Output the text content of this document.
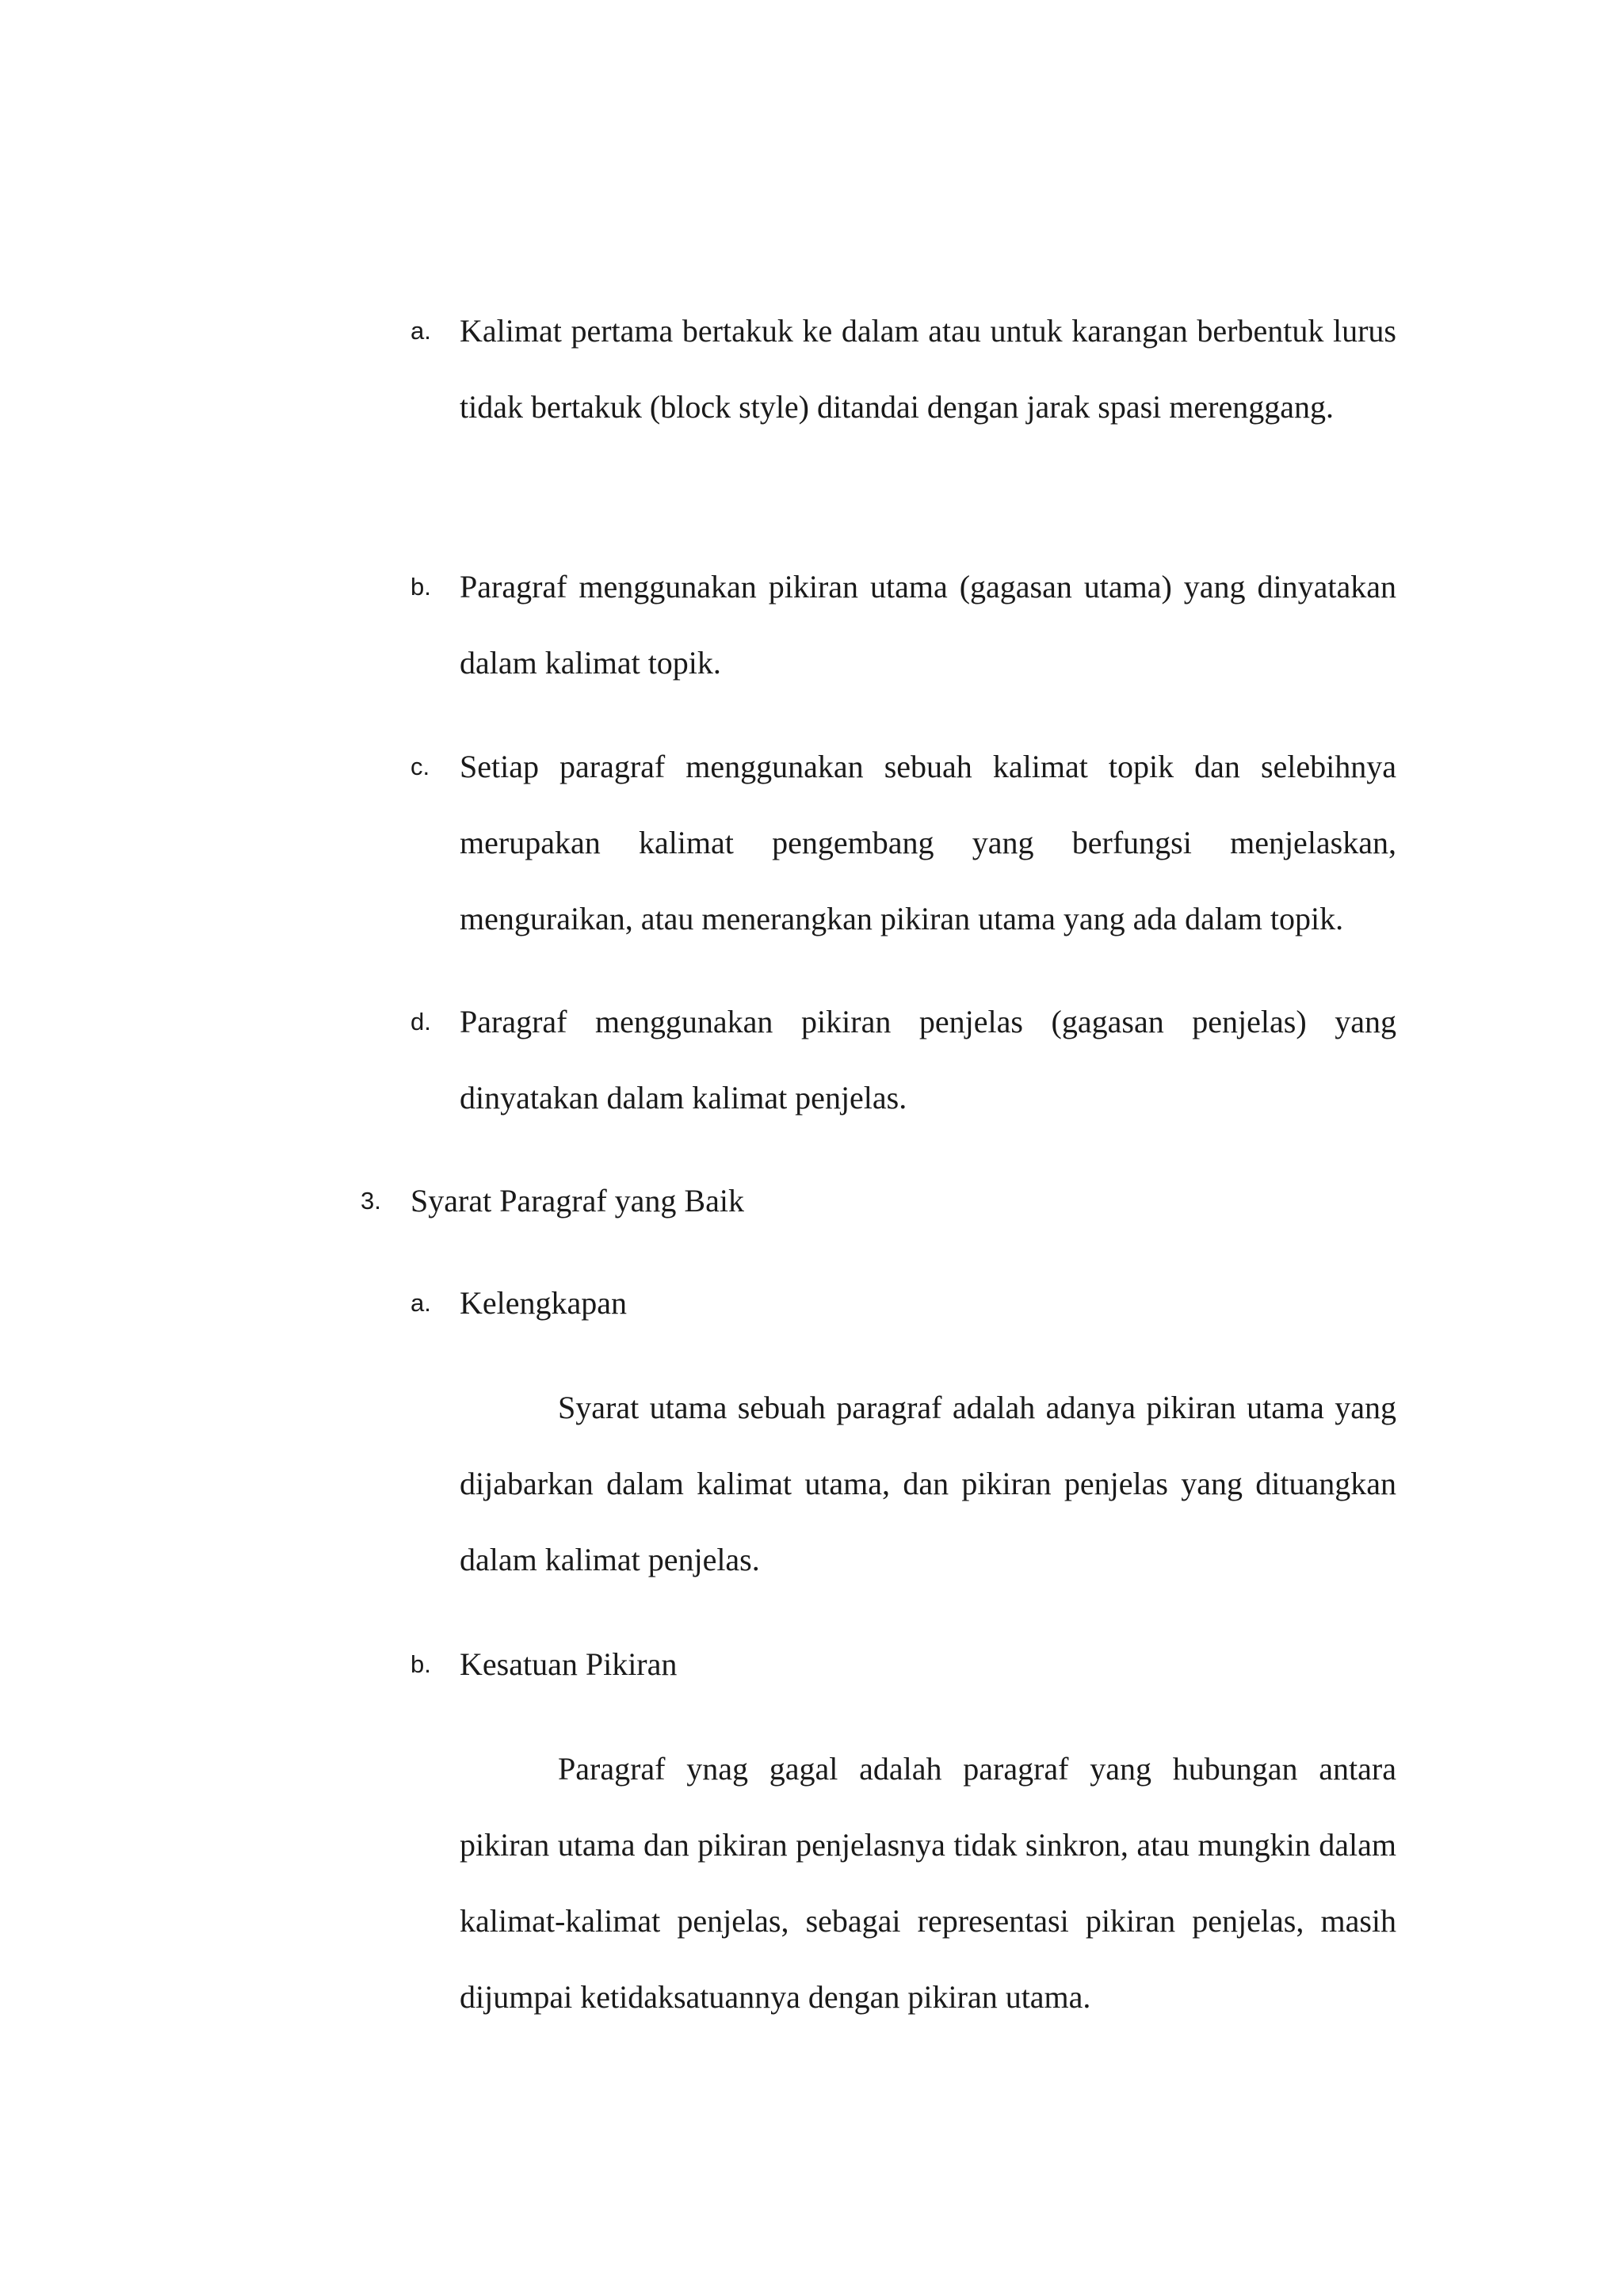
a. Kalimat pertama bertakuk ke dalam atau untuk karangan berbentuk lurus tidak bertakuk (block style) ditandai dengan jarak spasi merenggang.
b. Paragraf menggunakan pikiran utama (gagasan utama) yang dinyatakan dalam kalimat topik.
c. Setiap paragraf menggunakan sebuah kalimat topik dan selebihnya merupakan kalimat pengembang yang berfungsi menjelaskan, menguraikan, atau menerangkan pikiran utama yang ada dalam topik.
d. Paragraf menggunakan pikiran penjelas (gagasan penjelas) yang dinyatakan dalam kalimat penjelas.
3. Syarat Paragraf yang Baik
a. Kelengkapan
Syarat utama sebuah paragraf adalah adanya pikiran utama yang dijabarkan dalam kalimat utama, dan pikiran penjelas yang dituangkan dalam kalimat penjelas.
b. Kesatuan Pikiran
Paragraf ynag gagal adalah paragraf yang hubungan antara pikiran utama dan pikiran penjelasnya tidak sinkron, atau mungkin dalam kalimat-kalimat penjelas, sebagai representasi pikiran penjelas, masih dijumpai ketidaksatuannya dengan pikiran utama.
